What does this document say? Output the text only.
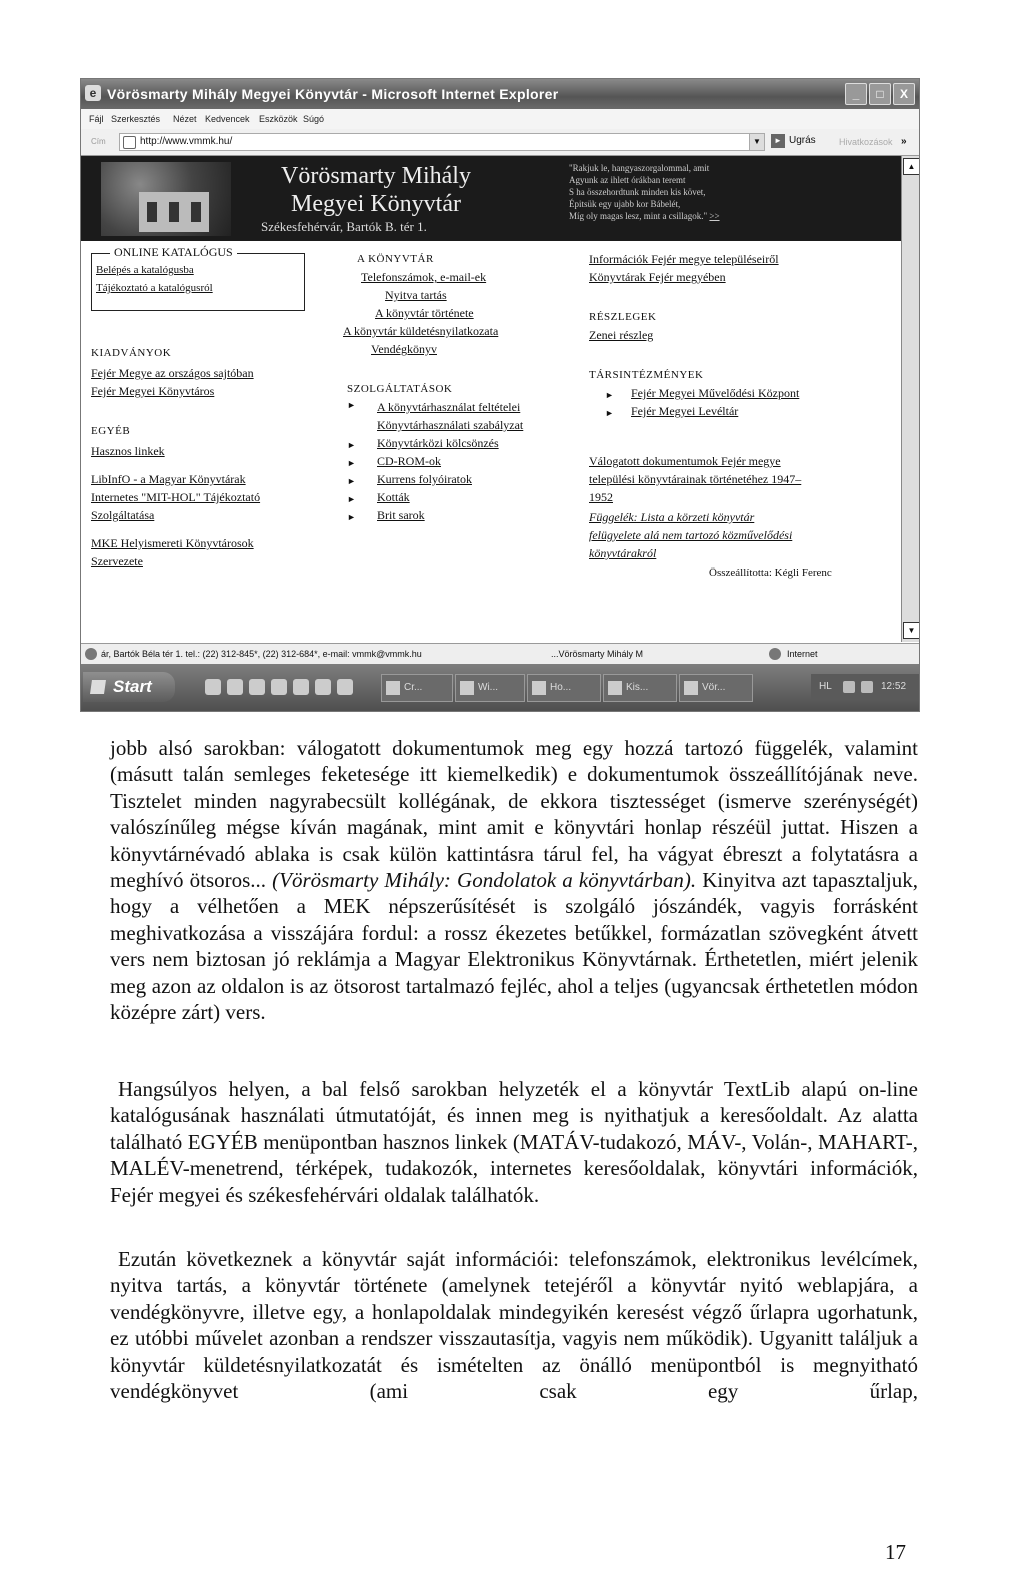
e Vörösmarty Mihály Megyei Könyvtár - Microsoft Internet Explorer	_	□	X
Fájl Szerkesztés Nézet Kedvencek Eszközök Súgó
Cím	http://www.vmmk.hu/	▼	► Ugrás	Hivatkozások »
Vörösmarty Mihály
Megyei Könyvtár
Székesfehérvár, Bartók B. tér 1.
"Rakjuk le, hangyaszorgalommal, amit
Agyunk az ihlett órákban teremt
S ha összehordtunk minden kis követ,
Épitsük egy ujabb kor Bábelét,
Míg oly magas lesz, mint a csillagok." >>
ONLINE KATALÓGUS
Belépés a katalógusba
Tájékoztató a katalógusról
KIADVÁNYOK
Fejér Megye az országos sajtóban
Fejér Megyei Könyvtáros
EGYÉB
Hasznos linkek
LibInfO - a Magyar Könyvtárak
Internetes "MIT-HOL" Tájékoztató
Szolgáltatása
MKE Helyismereti Könyvtárosok
Szervezete
A KÖNYVTÁR
Telefonszámok, e-mail-ek
Nyitva tartás
A könyvtár története
A könyvtár küldetésnyilatkozata
Vendégkönyv
SZOLGÁLTATÁSOK
► A könyvtárhasználat feltételei
Könyvtárhasználati szabályzat
► Könyvtárközi kölcsönzés
► CD-ROM-ok
► Kurrens folyóiratok
► Kották
► Brit sarok
Információk Fejér megye településeiről
Könyvtárak Fejér megyében
RÉSZLEGEK
Zenei részleg
TÁRSINTÉZMÉNYEK
► Fejér Megyei Művelődési Központ
► Fejér Megyei Levéltár
Válogatott dokumentumok Fejér megye
települési könyvtárainak történetéhez 1947–
1952
Függelék: Lista a körzeti könyvtár
felügyelete alá nem tartozó közművelődési
könyvtárakról
Összeállította: Kégli Ferenc
▲
▼
ár, Bartók Béla tér 1. tel.: (22) 312-845*, (22) 312-684*, e-mail: vmmk@vmmk.hu	...Vörösmarty Mihály M	Internet
Start	Cr...	Wi...	Ho...	Kis...	Vör...	HL	12:52
jobb alsó sarokban: válogatott dokumentumok meg egy hozzá tartozó függelék, valamint (másutt talán semleges feketesége itt kiemelkedik) e dokumentumok összeállítójának neve. Tisztelet minden nagyrabecsült kollégának, de ekkora tisztességet (ismerve szerénységét) valószínűleg mégse kíván magának, mint amit e könyvtári honlap részéül juttat. Hiszen a könyvtárnévadó ablaka is csak külön kattintásra tárul fel, ha vágyat ébreszt a folytatásra a meghívó ötsoros... (Vörösmarty Mihály: Gondolatok a könyvtárban). Kinyitva azt tapasztaljuk, hogy a vélhetően a MEK népszerűsítését is szolgáló jószándék, vagyis forrásként meghivatkozása a visszájára fordul: a rossz ékezetes betűkkel, formázatlan szövegként átvett vers nem biztosan jó reklámja a Magyar Elektronikus Könyvtárnak. Érthetetlen, miért jelenik meg azon az oldalon is az ötsorost tartalmazó fejléc, ahol a teljes (ugyancsak érthetetlen módon középre zárt) vers.
Hangsúlyos helyen, a bal felső sarokban helyzeték el a könyvtár TextLib alapú on-line katalógusának használati útmutatóját, és innen meg is nyithatjuk a keresőoldalt. Az alatta található EGYÉB menüpontban hasznos linkek (MATÁV-tudakozó, MÁV-, Volán-, MAHART-, MALÉV-menetrend, térképek, tudakozók, internetes keresőoldalak, könyvtári információk, Fejér megyei és székesfehérvári oldalak találhatók.
Ezután következnek a könyvtár saját információi: telefonszámok, elektronikus levélcímek, nyitva tartás, a könyvtár története (amelynek tetejéről a könyvtár nyitó weblapjára, a vendégkönyvre, illetve egy, a honlapoldalak mindegyikén keresést végző űrlapra ugorhatunk, ez utóbbi művelet azonban a rendszer visszautasítja, vagyis nem működik). Ugyanitt találjuk a könyvtár küldetésnyilatkozatát és ismételten az önálló menüpontból is megnyitható vendégkönyvet (ami csak egy űrlap,
17
